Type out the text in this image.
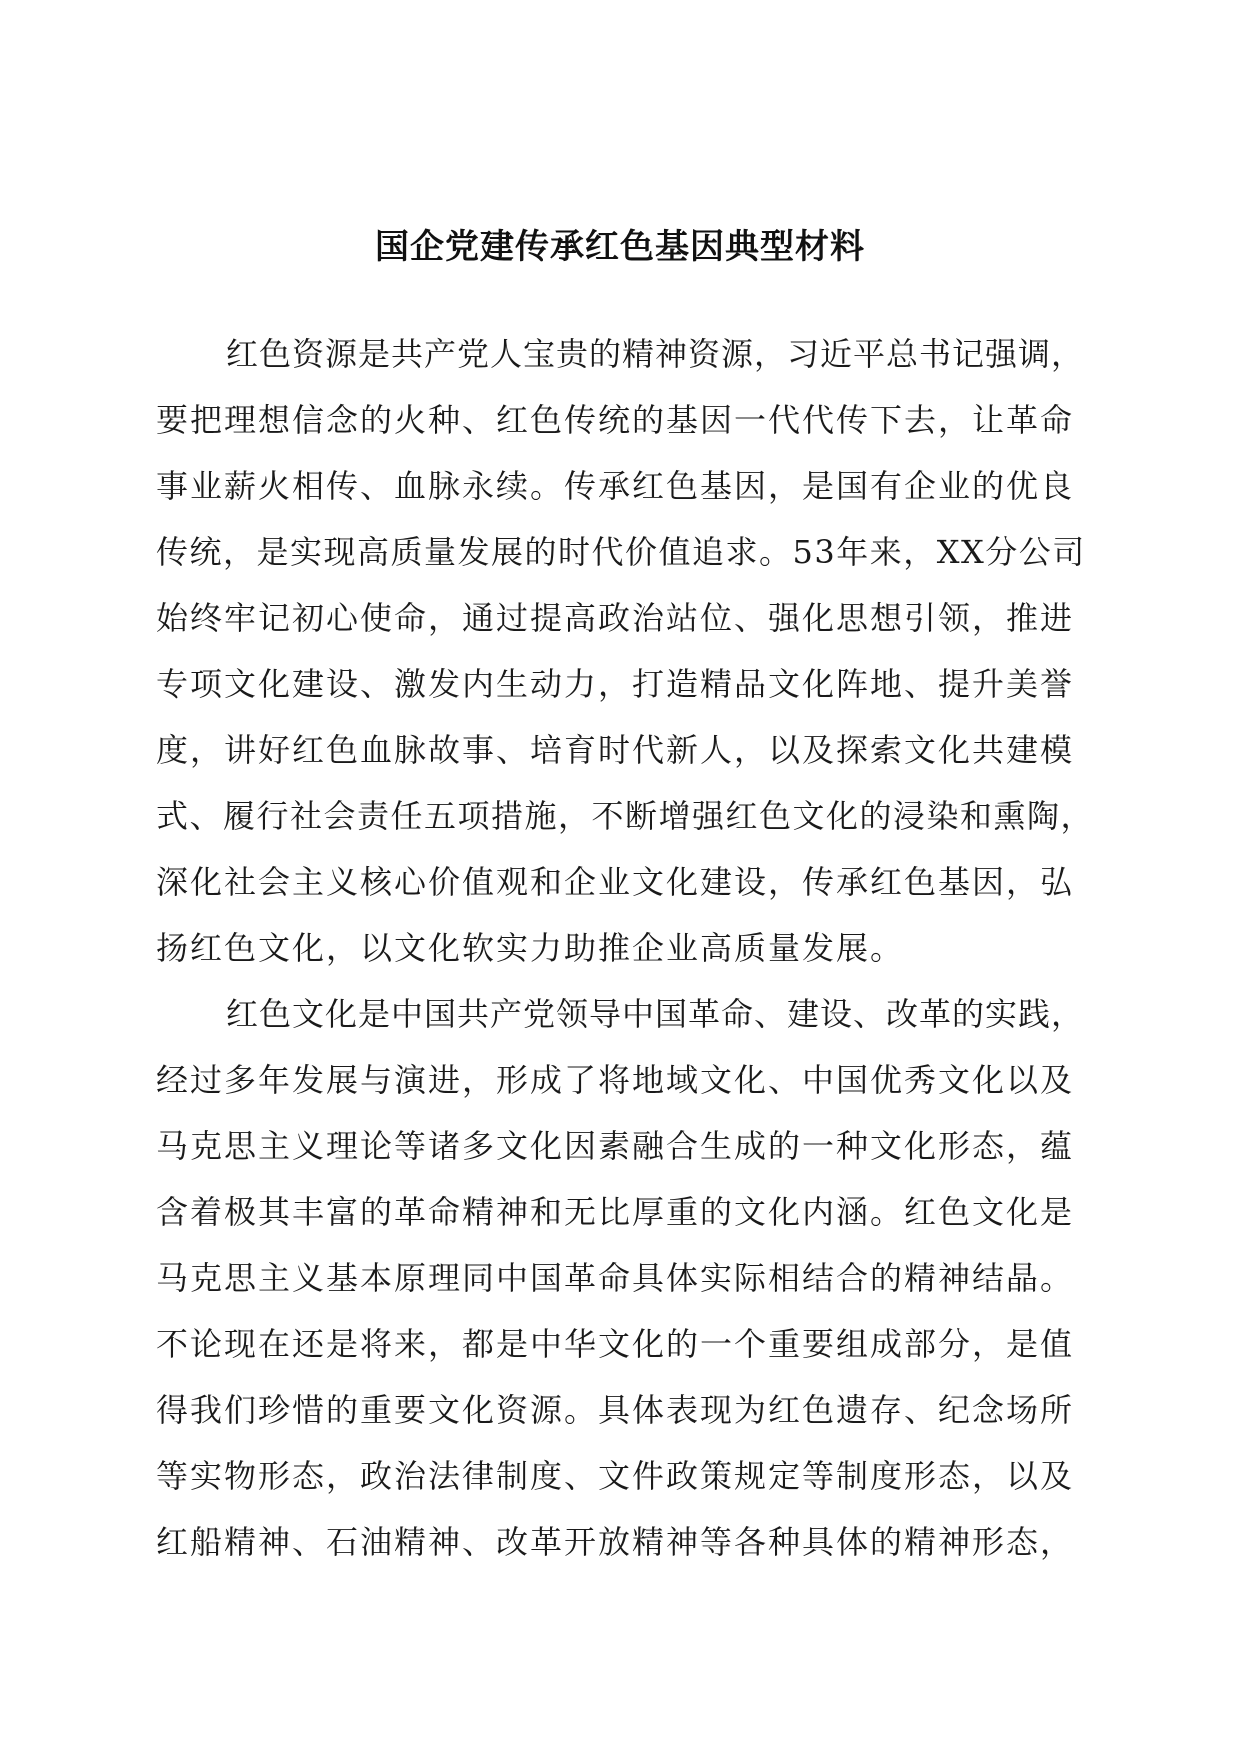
国企党建传承红色基因典型材料
红色资源是共产党人宝贵的精神资源，习近平总书记强调，
要把理想信念的火种、红色传统的基因一代代传下去，让革命
事业薪火相传、血脉永续。传承红色基因，是国有企业的优良
传统，是实现高质量发展的时代价值追求。53年来，XX分公司
始终牢记初心使命，通过提高政治站位、强化思想引领，推进
专项文化建设、激发内生动力，打造精品文化阵地、提升美誉
度，讲好红色血脉故事、培育时代新人，以及探索文化共建模
式、履行社会责任五项措施，不断增强红色文化的浸染和熏陶，
深化社会主义核心价值观和企业文化建设，传承红色基因，弘
扬红色文化，以文化软实力助推企业高质量发展。
红色文化是中国共产党领导中国革命、建设、改革的实践，
经过多年发展与演进，形成了将地域文化、中国优秀文化以及
马克思主义理论等诸多文化因素融合生成的一种文化形态，蕴
含着极其丰富的革命精神和无比厚重的文化内涵。红色文化是
马克思主义基本原理同中国革命具体实际相结合的精神结晶。
不论现在还是将来，都是中华文化的一个重要组成部分，是值
得我们珍惜的重要文化资源。具体表现为红色遗存、纪念场所
等实物形态，政治法律制度、文件政策规定等制度形态，以及
红船精神、石油精神、改革开放精神等各种具体的精神形态，
